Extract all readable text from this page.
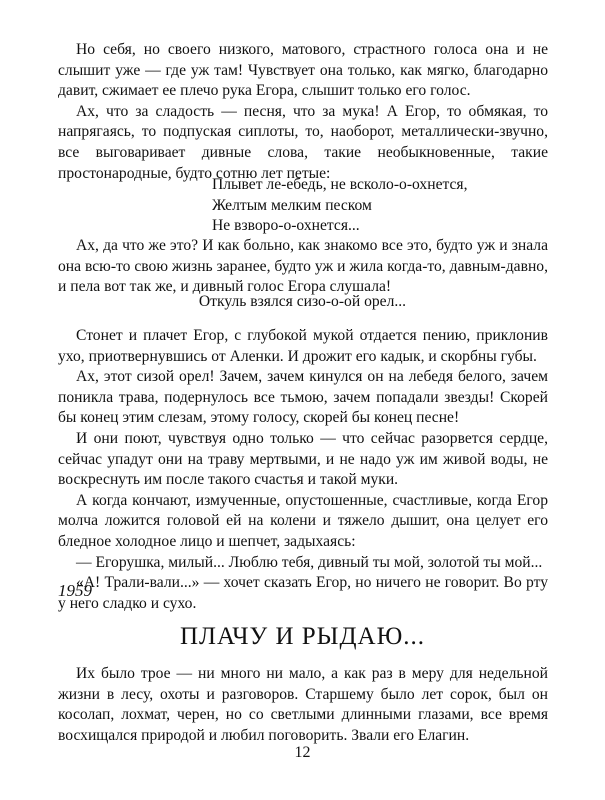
Но себя, но своего низкого, матового, страстного голоса она и не слышит уже — где уж там! Чувствует она только, как мягко, благодарно давит, сжимает ее плечо рука Егора, слышит только его голос.

Ах, что за сладость — песня, что за мука! А Егор, то обмякая, то напрягаясь, то подпуская сиплоты, то, наоборот, металлически-звучно, все выговаривает дивные слова, такие необыкновенные, такие простонародные, будто сотню лет петые:

Плывет ле-ебедь, не всколо-о-охнется,
Желтым мелким песком
Не взворо-о-охнется...

Ах, да что же это? И как больно, как знакомо все это, будто уж и знала она всю-то свою жизнь заранее, будто уж и жила когда-то, давным-давно, и пела вот так же, и дивный голос Егора слушала!

Откуль взялся сизо-о-ой орел...

Стонет и плачет Егор, с глубокой мукой отдается пению, приклонив ухо, приотвернувшись от Аленки. И дрожит его кадык, и скорбны губы.

Ах, этот сизой орел! Зачем, зачем кинулся он на лебедя белого, зачем поникла трава, подернулось все тьмою, зачем попадали звезды! Скорей бы конец этим слезам, этому голосу, скорей бы конец песне!

И они поют, чувствуя одно только — что сейчас разорвется сердце, сейчас упадут они на траву мертвыми, и не надо уж им живой воды, не воскреснуть им после такого счастья и такой муки.

А когда кончают, измученные, опустошенные, счастливые, когда Егор молча ложится головой ей на колени и тяжело дышит, она целует его бледное холодное лицо и шепчет, задыхаясь:

— Егорушка, милый... Люблю тебя, дивный ты мой, золотой ты мой...

«А! Трали-вали...» — хочет сказать Егор, но ничего не говорит. Во рту у него сладко и сухо.

1959
ПЛАЧУ И РЫДАЮ...

Их было трое — ни много ни мало, а как раз в меру для недельной жизни в лесу, охоты и разговоров. Старшему было лет сорок, был он косолап, лохмат, черен, но со светлыми длинными глазами, все время восхищался природой и любил поговорить. Звали его Елагин.

12
